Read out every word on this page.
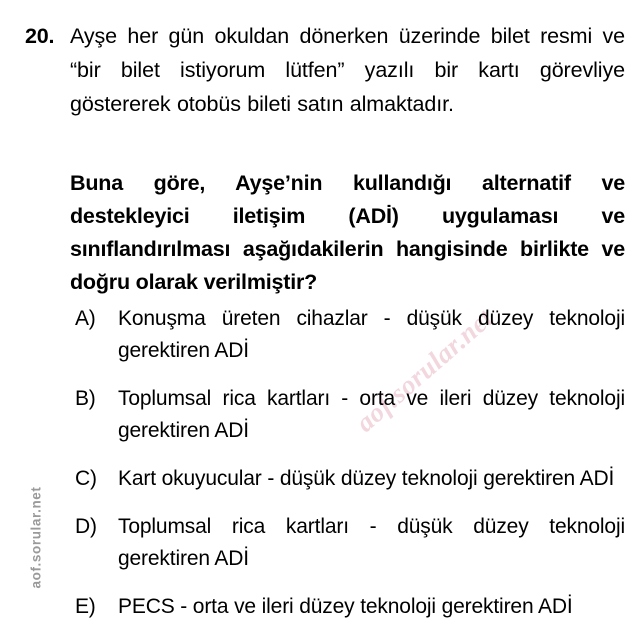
aof.sorular.net
aof.sorular.net
20. Ayşe her gün okuldan dönerken üzerinde bilet resmi ve “bir bilet istiyorum lütfen” yazılı bir kartı görevliye göstererek otobüs bileti satın almaktadır.
Buna göre, Ayşe’nin kullandığı alternatif ve destekleyici iletişim (ADİ) uygulaması ve sınıflandırılması aşağıdakilerin hangisinde birlikte ve doğru olarak verilmiştir?
A)	Konuşma üreten cihazlar - düşük düzey teknoloji gerektiren ADİ
B)	Toplumsal rica kartları - orta ve ileri düzey teknoloji gerektiren ADİ
C)	Kart okuyucular - düşük düzey teknoloji gerektiren ADİ
D)	Toplumsal rica kartları - düşük düzey teknoloji gerektiren ADİ
E)	PECS - orta ve ileri düzey teknoloji gerektiren ADİ
